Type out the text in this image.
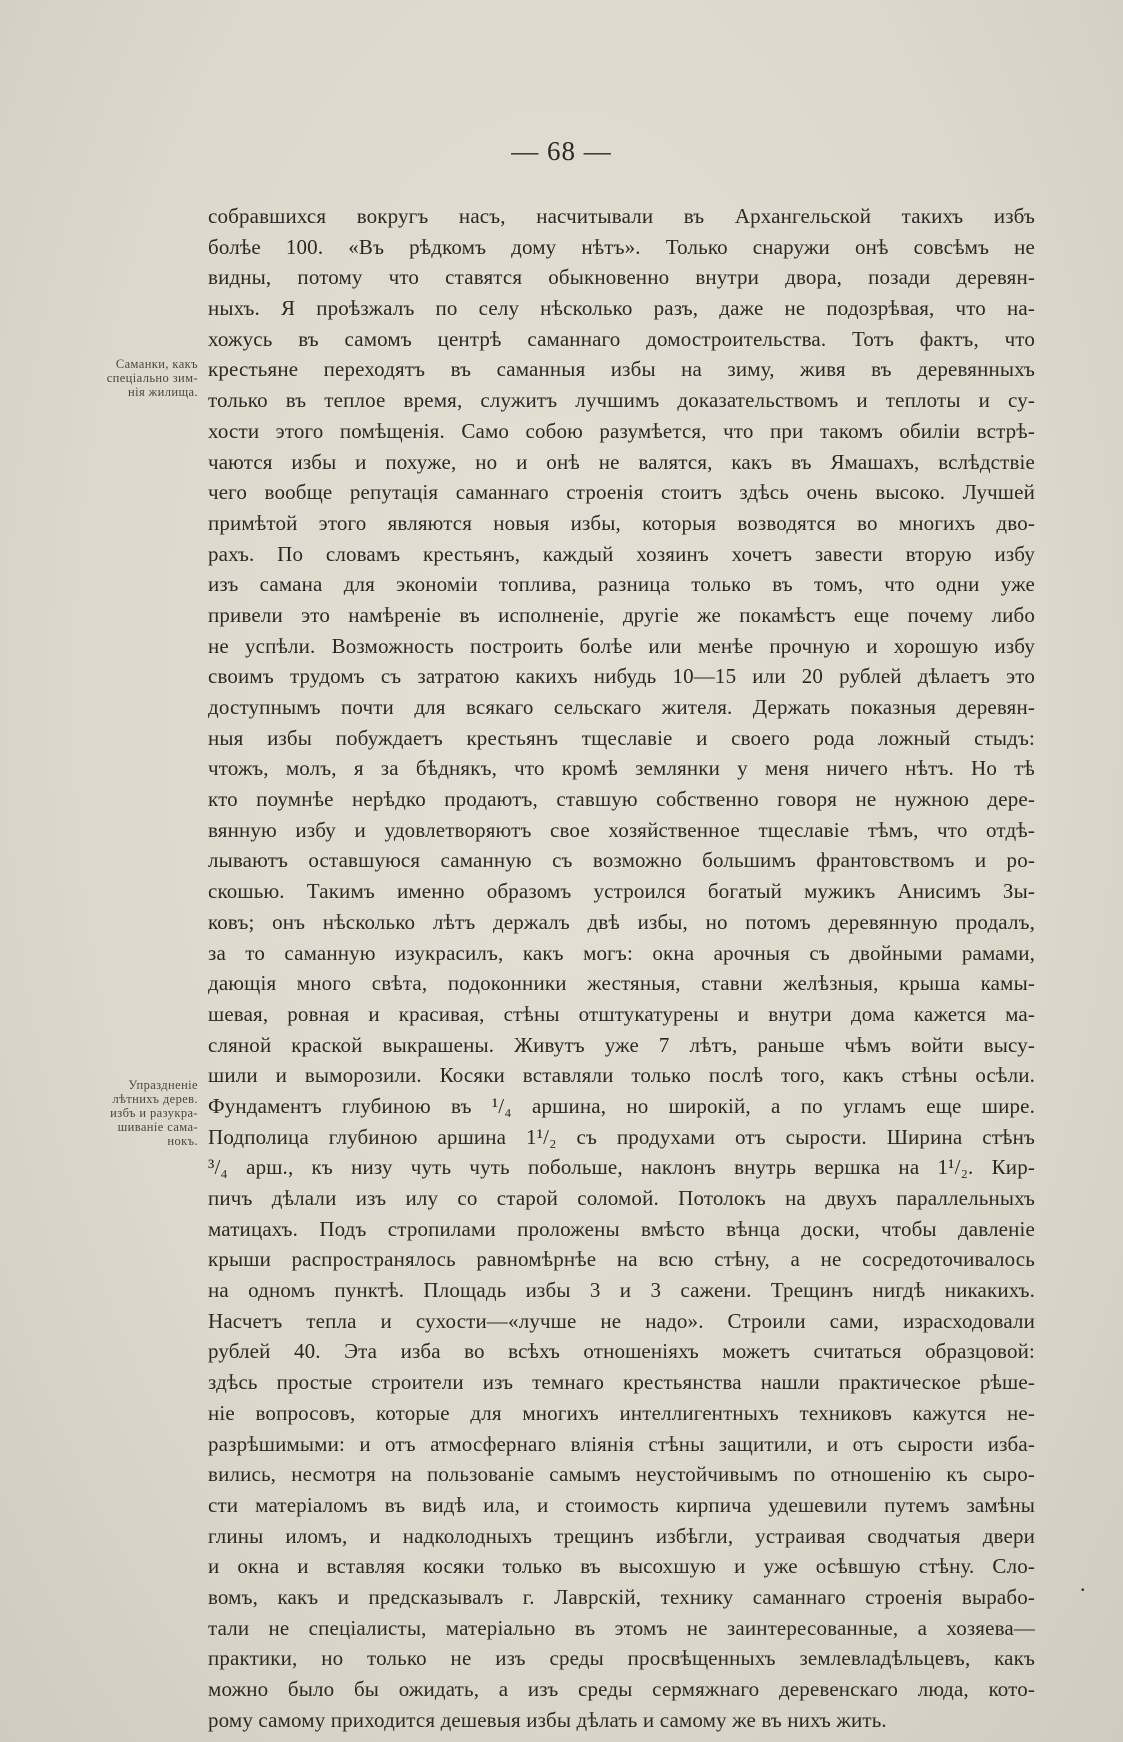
— 68 —
Саманки, какъ
спеціально зим-
нія жилища.
Упраздненіе
лѣтнихъ дерев.
избъ и разукра-
шиваніе сама-
нокъ.
собравшихся вокругъ насъ, насчитывали въ Архангельской такихъ избъ
болѣе 100. «Въ рѣдкомъ дому нѣтъ». Только снаружи онѣ совсѣмъ не
видны, потому что ставятся обыкновенно внутри двора, позади деревян-
ныхъ. Я проѣзжалъ по селу нѣсколько разъ, даже не подозрѣвая, что на-
хожусь въ самомъ центрѣ саманнаго домостроительства. Тотъ фактъ, что
крестьяне переходятъ въ саманныя избы на зиму, живя въ деревянныхъ
только въ теплое время, служитъ лучшимъ доказательствомъ и теплоты и су-
хости этого помѣщенія. Само собою разумѣется, что при такомъ обиліи встрѣ-
чаются избы и похуже, но и онѣ не валятся, какъ въ Ямашахъ, вслѣдствіе
чего вообще репутація саманнаго строенія стоитъ здѣсь очень высоко. Лучшей
примѣтой этого являются новыя избы, которыя возводятся во многихъ дво-
рахъ. По словамъ крестьянъ, каждый хозяинъ хочетъ завести вторую избу
изъ самана для экономіи топлива, разница только въ томъ, что одни уже
привели это намѣреніе въ исполненіе, другіе же покамѣстъ еще почему либо
не успѣли. Возможность построить болѣе или менѣе прочную и хорошую избу
своимъ трудомъ съ затратою какихъ нибудь 10—15 или 20 рублей дѣлаетъ это
доступнымъ почти для всякаго сельскаго жителя. Держать показныя деревян-
ныя избы побуждаетъ крестьянъ тщеславіе и своего рода ложный стыдъ:
чтожъ, молъ, я за бѣднякъ, что кромѣ землянки у меня ничего нѣтъ. Но тѣ
кто поумнѣе нерѣдко продаютъ, ставшую собственно говоря не нужною дере-
вянную избу и удовлетворяютъ свое хозяйственное тщеславіе тѣмъ, что отдѣ-
лываютъ оставшуюся саманную съ возможно большимъ франтовствомъ и ро-
скошью. Такимъ именно образомъ устроился богатый мужикъ Анисимъ Зы-
ковъ; онъ нѣсколько лѣтъ держалъ двѣ избы, но потомъ деревянную продалъ,
за то саманную изукрасилъ, какъ могъ: окна арочныя съ двойными рамами,
дающія много свѣта, подоконники жестяныя, ставни желѣзныя, крыша камы-
шевая, ровная и красивая, стѣны отштукатурены и внутри дома кажется ма-
сляной краской выкрашены. Живутъ уже 7 лѣтъ, раньше чѣмъ войти высу-
шили и выморозили. Косяки вставляли только послѣ того, какъ стѣны осѣли.
Фундаментъ глубиною въ ¹/₄ аршина, но широкій, а по угламъ еще шире.
Подполица глубиною аршина 1¹/₂ съ продухами отъ сырости. Ширина стѣнъ
³/₄ арш., къ низу чуть чуть побольше, наклонъ внутрь вершка на 1¹/₂. Кир-
пичъ дѣлали изъ илу со старой соломой. Потолокъ на двухъ параллельныхъ
матицахъ. Подъ стропилами проложены вмѣсто вѣнца доски, чтобы давленіе
крыши распространялось равномѣрнѣе на всю стѣну, а не сосредоточивалось
на одномъ пунктѣ. Площадь избы 3 и 3 сажени. Трещинъ нигдѣ никакихъ.
Насчетъ тепла и сухости—«лучше не надо». Строили сами, израсходовали
рублей 40. Эта изба во всѣхъ отношеніяхъ можетъ считаться образцовой:
здѣсь простые строители изъ темнаго крестьянства нашли практическое рѣше-
ніе вопросовъ, которые для многихъ интеллигентныхъ техниковъ кажутся не-
разрѣшимыми: и отъ атмосфернаго вліянія стѣны защитили, и отъ сырости изба-
вились, несмотря на пользованіе самымъ неустойчивымъ по отношенію къ сыро-
сти матеріаломъ въ видѣ ила, и стоимость кирпича удешевили путемъ замѣны
глины иломъ, и надколодныхъ трещинъ избѣгли, устраивая сводчатыя двери
и окна и вставляя косяки только въ высохшую и уже осѣвшую стѣну. Сло-
вомъ, какъ и предсказывалъ г. Лаврскій, технику саманнаго строенія вырабо-
тали не спеціалисты, матеріально въ этомъ не заинтересованные, а хозяева—
практики, но только не изъ среды просвѣщенныхъ землевладѣльцевъ, какъ
можно было бы ожидать, а изъ среды сермяжнаго деревенскаго люда, кото-
рому самому приходится дешевыя избы дѣлать и самому же въ нихъ жить.
.
